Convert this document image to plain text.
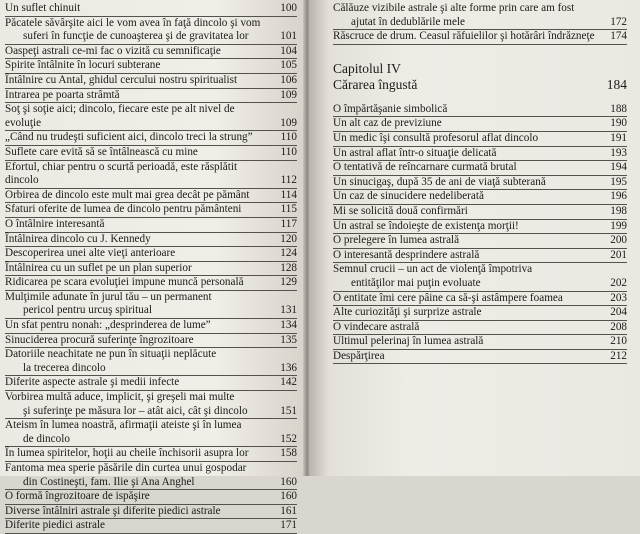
Un suflet chinuit	100
Păcatele săvârşite aici le vom avea în faţă dincolo şi vom
suferi în funcţie de cunoaşterea şi de gravitatea lor	101
Oaspeţi astrali ce-mi fac o vizită cu semnificaţie	104
Spirite întâlnite în locuri subterane	105
Întâlnire cu Antal, ghidul cercului nostru spiritualist	106
Intrarea pe poarta strâmtă	109
Soţ şi soţie aici; dincolo, fiecare este pe alt nivel de evoluţie	109
„Când nu trudeşti suficient aici, dincolo treci la strung”	110
Suflete care evită să se întâlnească cu mine	110
Efortul, chiar pentru o scurtă perioadă, este răsplătit dincolo	112
Orbirea de dincolo este mult mai grea decât pe pământ	114
Sfaturi oferite de lumea de dincolo pentru pământeni	115
O întâlnire interesantă	117
Întâlnirea dincolo cu J. Kennedy	120
Descoperirea unei alte vieţi anterioare	124
Întâlnirea cu un suflet pe un plan superior	128
Ridicarea pe scara evoluţiei impune muncă personală	129
Mulţimile adunate în jurul tău – un permanent
pericol pentru urcuş spiritual	131
Un sfat pentru nonah: „desprinderea de lume”	134
Sinuciderea procură suferinţe îngrozitoare	135
Datoriile neachitate ne pun în situaţii neplăcute
la trecerea dincolo	136
Diferite aspecte astrale şi medii infecte	142
Vorbirea multă aduce, implicit, şi greşeli mai multe
şi suferinţe pe măsura lor – atât aici, cât şi dincolo	151
Ateism în lumea noastră, afirmaţii ateiste şi în lumea
de dincolo	152
În lumea spiritelor, hoţii au cheile închisorii asupra lor	158
Fantoma mea sperie păsările din curtea unui gospodar
din Costineşti, fam. Ilie şi Ana Anghel	160
O formă îngrozitoare de ispăşire	160
Diverse întâlniri astrale şi diferite piedici astrale	161
Diferite piedici astrale	171
Călăuze vizibile astrale şi alte forme prin care am fost
ajutat în dedublările mele	172
Răscruce de drum. Ceasul răfuielilor şi hotărâri îndrăzneţe	174
Capitolul IV
Cărarea îngustă	184
O împărtăşanie simbolică	188
Un alt caz de previziune	190
Un medic îşi consultă profesorul aflat dincolo	191
Un astral aflat într-o situaţie delicată	193
O tentativă de reîncarnare curmată brutal	194
Un sinucigaş, după 35 de ani de viaţă subterană	195
Un caz de sinucidere nedeliberată	196
Mi se solicită două confirmări	198
Un astral se îndoieşte de existenţa morţii!	199
O prelegere în lumea astrală	200
O interesantă desprindere astrală	201
Semnul crucii – un act de violenţă împotriva
entităţilor mai puţin evoluate	202
O entitate îmi cere pâine ca să-şi astâmpere foamea	203
Alte curiozităţi şi surprize astrale	204
O vindecare astrală	208
Ultimul pelerinaj în lumea astrală	210
Despărţirea	212
